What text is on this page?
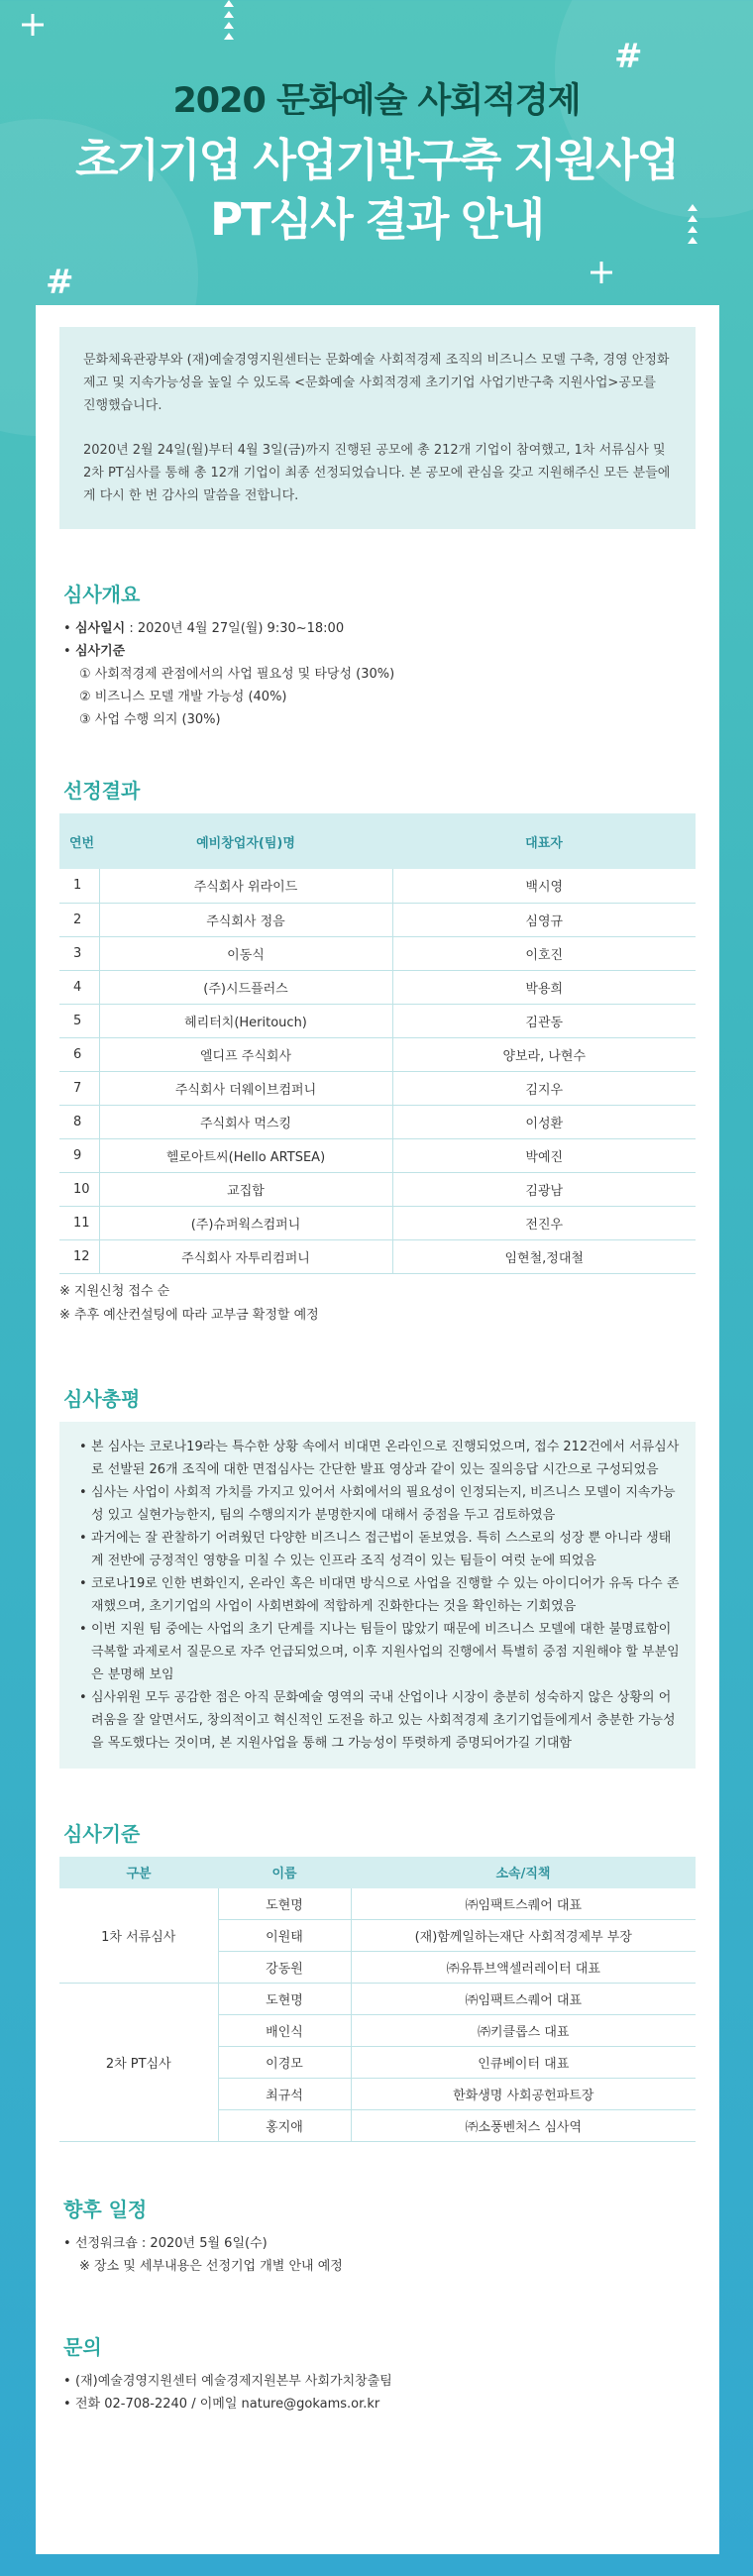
#
#
2020 문화예술 사회적경제
초기기업 사업기반구축 지원사업
PT심사 결과 안내

문화체육관광부와 (재)예술경영지원센터는 문화예술 사회적경제 조직의 비즈니스 모델 구축, 경영 안정화 제고 및 지속가능성을 높일 수 있도록 <문화예술 사회적경제 초기기업 사업기반구축 지원사업>공모를 진행했습니다.

2020년 2월 24일(월)부터 4월 3일(금)까지 진행된 공모에 총 212개 기업이 참여했고, 1차 서류심사 및 2차 PT심사를 통해 총 12개 기업이 최종 선정되었습니다. 본 공모에 관심을 갖고 지원해주신 모든 분들에게 다시 한 번 감사의 말씀을 전합니다.

심사개요
• 심사일시 : 2020년 4월 27일(월) 9:30~18:00
• 심사기준
① 사회적경제 관점에서의 사업 필요성 및 타당성 (30%)
② 비즈니스 모델 개발 가능성 (40%)
③ 사업 수행 의지 (30%)
선정결과
연번	예비창업자(팀)명	대표자
1	주식회사 위라이드	백시영
2	주식회사 정음	심영규
3	이동식	이호진
4	(주)시드플러스	박용희
5	헤리터치(Heritouch)	김관동
6	엘디프 주식회사	양보라, 나현수
7	주식회사 더웨이브컴퍼니	김지우
8	주식회사 먹스킹	이성환
9	헬로아트씨(Hello ARTSEA)	박예진
10	교집합	김광남
11	(주)슈퍼웍스컴퍼니	전진우
12	주식회사 자투리컴퍼니	임현철,정대철
※ 지원신청 접수 순
※ 추후 예산컨설팅에 따라 교부금 확정할 예정
심사총평
• 본 심사는 코로나19라는 특수한 상황 속에서 비대면 온라인으로 진행되었으며, 접수 212건에서 서류심사로 선발된 26개 조직에 대한 면접심사는 간단한 발표 영상과 같이 있는 질의응답 시간으로 구성되었음
• 심사는 사업이 사회적 가치를 가지고 있어서 사회에서의 필요성이 인정되는지, 비즈니스 모델이 지속가능성 있고 실현가능한지, 팀의 수행의지가 분명한지에 대해서 중점을 두고 검토하였음
• 과거에는 잘 관찰하기 어려웠던 다양한 비즈니스 접근법이 돋보였음. 특히 스스로의 성장 뿐 아니라 생태계 전반에 긍정적인 영향을 미칠 수 있는 인프라 조직 성격이 있는 팀들이 여럿 눈에 띄었음
• 코로나19로 인한 변화인지, 온라인 혹은 비대면 방식으로 사업을 진행할 수 있는 아이디어가 유독 다수 존재했으며, 초기기업의 사업이 사회변화에 적합하게 진화한다는 것을 확인하는 기회였음
• 이번 지원 팀 중에는 사업의 초기 단계를 지나는 팀들이 많았기 때문에 비즈니스 모델에 대한 불명료함이 극복할 과제로서 질문으로 자주 언급되었으며, 이후 지원사업의 진행에서 특별히 중점 지원해야 할 부분임은 분명해 보임
• 심사위원 모두 공감한 점은 아직 문화예술 영역의 국내 산업이나 시장이 충분히 성숙하지 않은 상황의 어려움을 잘 알면서도, 창의적이고 혁신적인 도전을 하고 있는 사회적경제 초기기업들에게서 충분한 가능성을 목도했다는 것이며, 본 지원사업을 통해 그 가능성이 뚜렷하게 증명되어가길 기대함
심사기준
구분	이름	소속/직책
1차 서류심사	도현명	㈜임팩트스퀘어 대표
	이원태	(재)함께일하는재단 사회적경제부 부장
	강동원	㈜유튜브액셀러레이터 대표
2차 PT심사	도현명	㈜임팩트스퀘어 대표
	배인식	㈜키클롭스 대표
	이경모	인큐베이터 대표
	최규석	한화생명 사회공헌파트장
	홍지애	㈜소풍벤처스 심사역
향후 일정
• 선정워크숍 : 2020년 5월 6일(수)
※ 장소 및 세부내용은 선정기업 개별 안내 예정
문의
• (재)예술경영지원센터 예술경제지원본부 사회가치창출팀
• 전화 02-708-2240 / 이메일 nature@gokams.or.kr
